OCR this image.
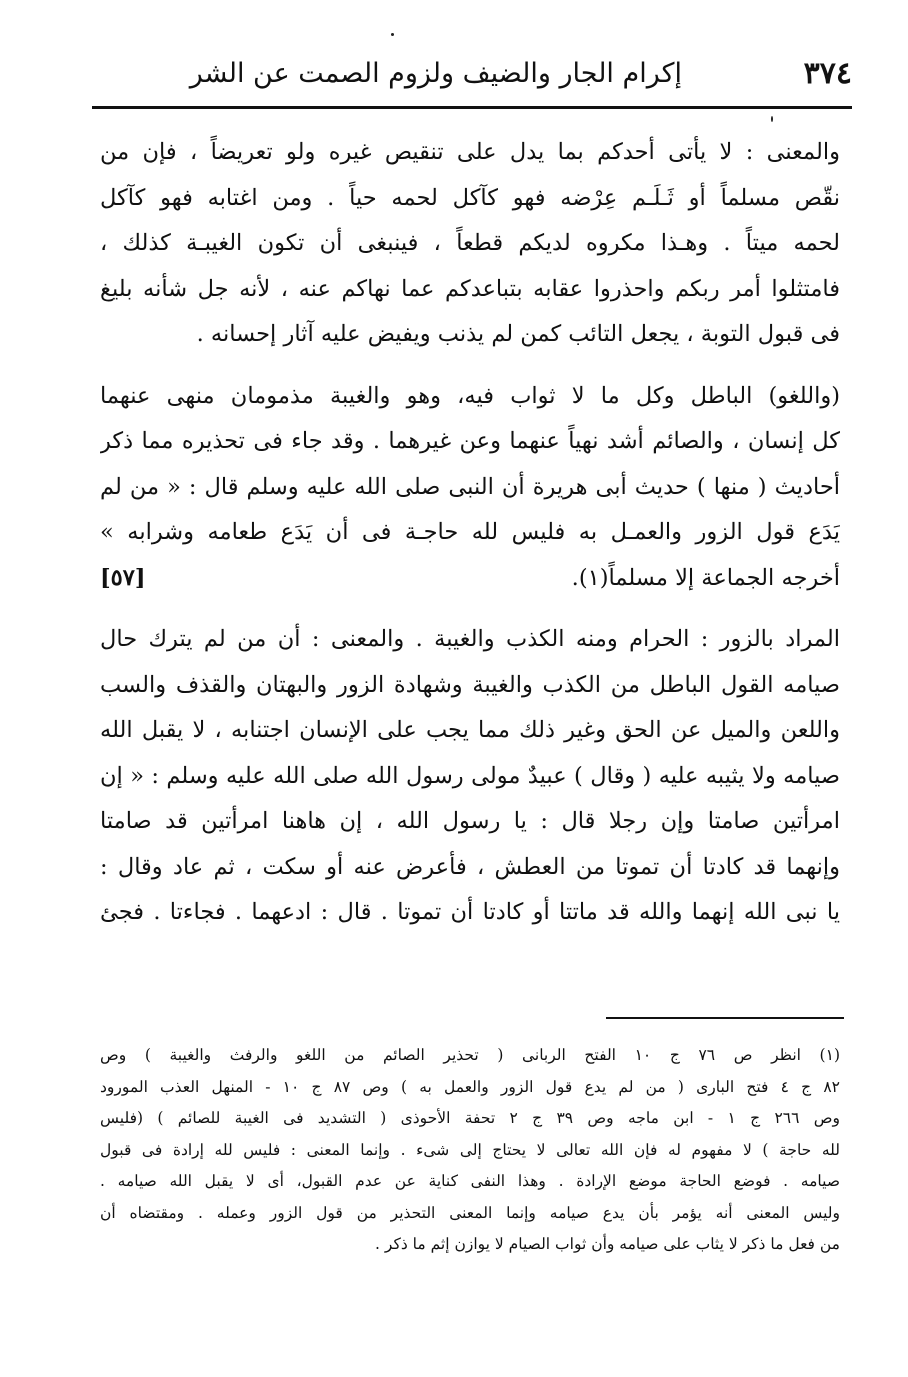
٣٧٤
إكرام الجار والضيف ولزوم الصمت عن الشر

والمعنى : لا يأتى أحدكم بما يدل على تنقيص غيره ولو تعريضاً ، فإن من
نقّص مسلماً أو ثَـلَـم عِرْضه فهو كآكل لحمه حياً . ومن اغتابه فهو كآكل
لحمه ميتاً . وهـذا مكروه لديكم قطعاً ، فينبغى أن تكون الغيبـة كذلك ،
فامتثلوا أمر ربكم واحذروا عقابه بتباعدكم عما نهاكم عنه ، لأنه جل شأنه بليغ
فى قبول التوبة ، يجعل التائب كمن لم يذنب ويفيض عليه آثار إحسانه .

(واللغو) الباطل وكل ما لا ثواب فيه، وهو والغيبة مذمومان منهى عنهما
كل إنسان ، والصائم أشد نهياً عنهما وعن غيرهما . وقد جاء فى تحذيره مما ذكر
أحاديث ( منها ) حديث أبى هريرة أن النبى صلى الله عليه وسلم قال : « من لم
يَدَع قول الزور والعمـل به فليس لله حاجـة فى أن يَدَع طعامه وشرابه »
أخرجه الجماعة إلا مسلماً(١).
[٥٧]

المراد بالزور : الحرام ومنه الكذب والغيبة . والمعنى : أن من لم يترك حال
صيامه القول الباطل من الكذب والغيبة وشهادة الزور والبهتان والقذف والسب
واللعن والميل عن الحق وغير ذلك مما يجب على الإنسان اجتنابه ، لا يقبل الله
صيامه ولا يثيبه عليه ( وقال ) عبيدٌ مولى رسول الله صلى الله عليه وسلم : « إن
امرأتين صامتا وإن رجلا قال : يا رسول الله ، إن هاهنا امرأتين قد صامتا
وإنهما قد كادتا أن تموتا من العطش ، فأعرض عنه أو سكت ، ثم عاد وقال :
يا نبى الله إنهما والله قد ماتتا أو كادتا أن تموتا . قال : ادعهما . فجاءتا . فجئ

(١) انظر ص ٧٦ ج ١٠ الفتح الربانى ( تحذير الصائم من اللغو والرفث والغيبة ) وص
٨٢ ج ٤ فتح البارى ( من لم يدع قول الزور والعمل به ) وص ٨٧ ج ١٠ - المنهل العذب المورود
وص ٢٦٦ ج ١ - ابن ماجه وص ٣٩ ج ٢ تحفة الأحوذى ( التشديد فى الغيبة للصائم ) (فليس
لله حاجة ) لا مفهوم له فإن الله تعالى لا يحتاج إلى شىء . وإنما المعنى : فليس لله إرادة فى قبول
صيامه . فوضع الحاجة موضع الإرادة . وهذا النفى كناية عن عدم القبول، أى لا يقبل الله صيامه .
وليس المعنى أنه يؤمر بأن يدع صيامه وإنما المعنى التحذير من قول الزور وعمله . ومقتضاه أن
من فعل ما ذكر لا يثاب على صيامه وأن ثواب الصيام لا يوازن إثم ما ذكر .
